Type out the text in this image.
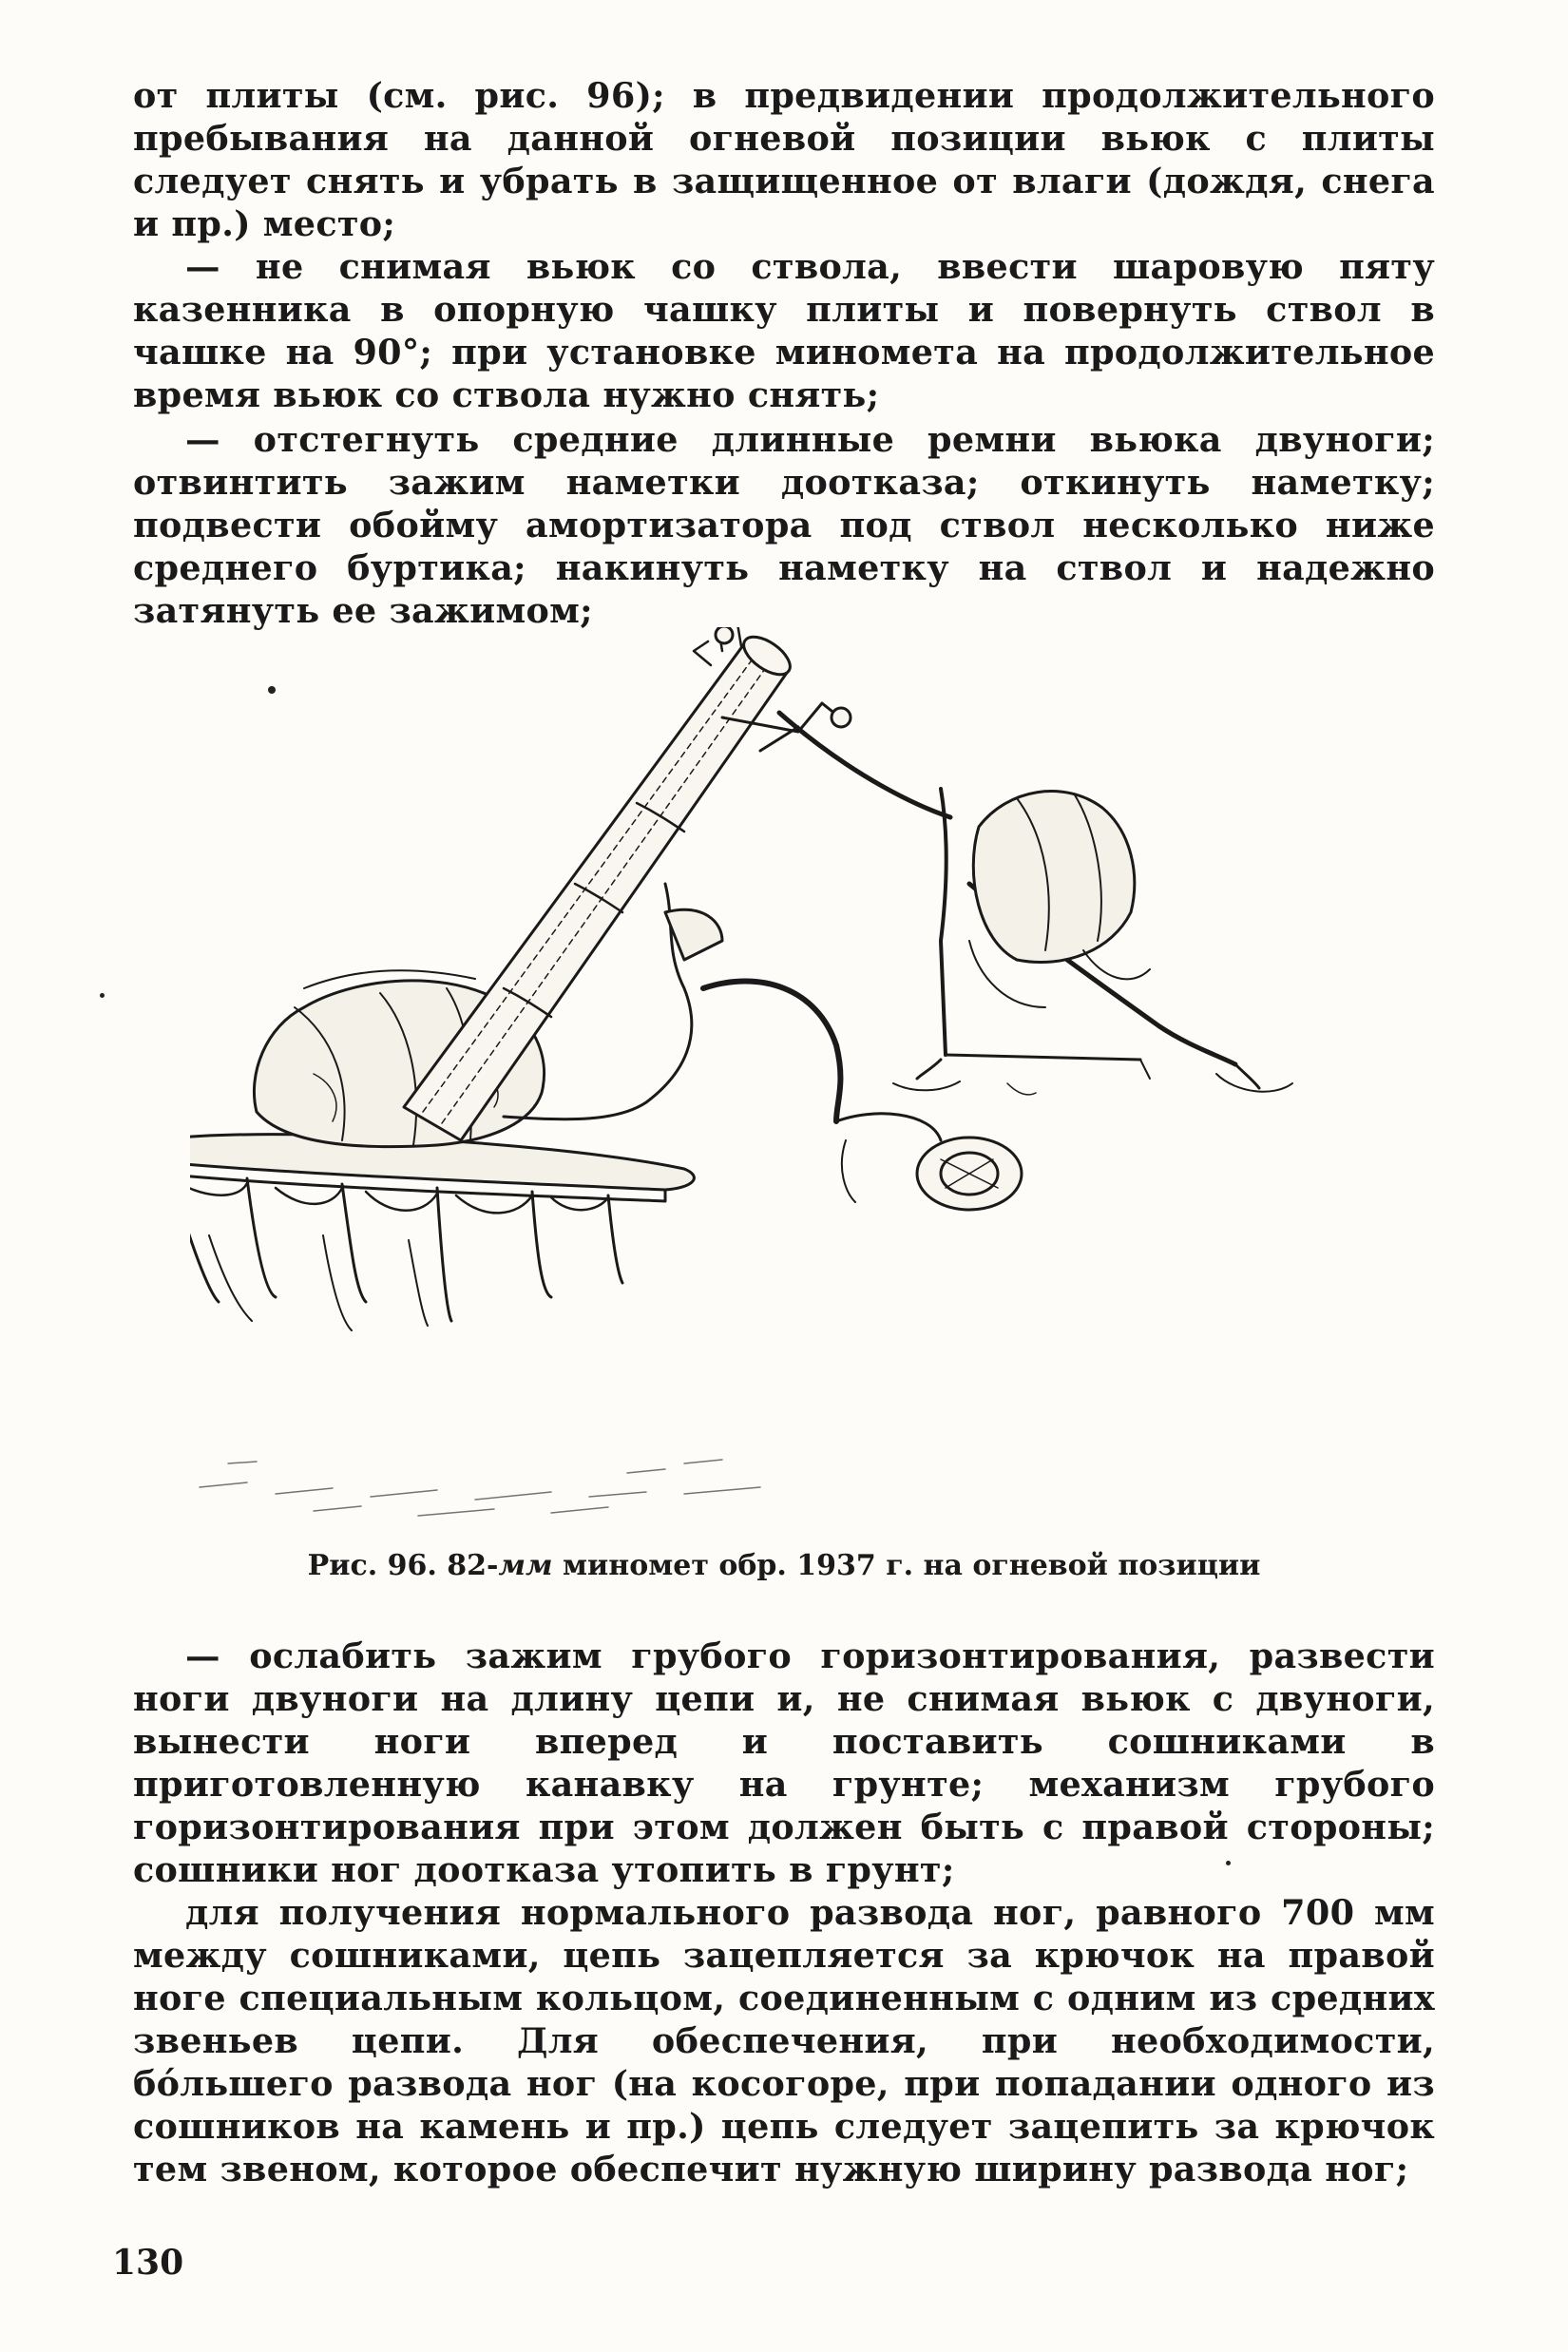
от плиты (см. рис. 96); в предвидении продолжительного пребывания на данной огневой позиции вьюк с плиты следует снять и убрать в защищенное от влаги (дождя, снега и пр.) место;

— не снимая вьюк со ствола, ввести шаровую пяту казенника в опорную чашку плиты и повернуть ствол в чашке на 90°; при установке миномета на продолжительное время вьюк со ствола нужно снять;

— отстегнуть средние длинные ремни вьюка двуноги; отвинтить зажим наметки доотказа; откинуть наметку; подвести обойму амортизатора под ствол несколько ниже среднего буртика; накинуть наметку на ствол и надежно затянуть ее зажимом;

Рис. 96. 82-мм миномет обр. 1937 г. на огневой позиции

— ослабить зажим грубого горизонтирования, развести ноги двуноги на длину цепи и, не снимая вьюк с двуноги, вынести ноги вперед и поставить сошниками в приготовленную канавку на грунте; механизм грубого горизонтирования при этом должен быть с правой стороны; сошники ног доотказа утопить в грунт;

для получения нормального развода ног, равного 700 мм между сошниками, цепь зацепляется за крючок на правой ноге специальным кольцом, соединенным с одним из средних звеньев цепи. Для обеспечения, при необходимости, бо́льшего развода ног (на косогоре, при попадании одного из сошников на камень и пр.) цепь следует зацепить за крючок тем звеном, которое обеспечит нужную ширину развода ног;

130
